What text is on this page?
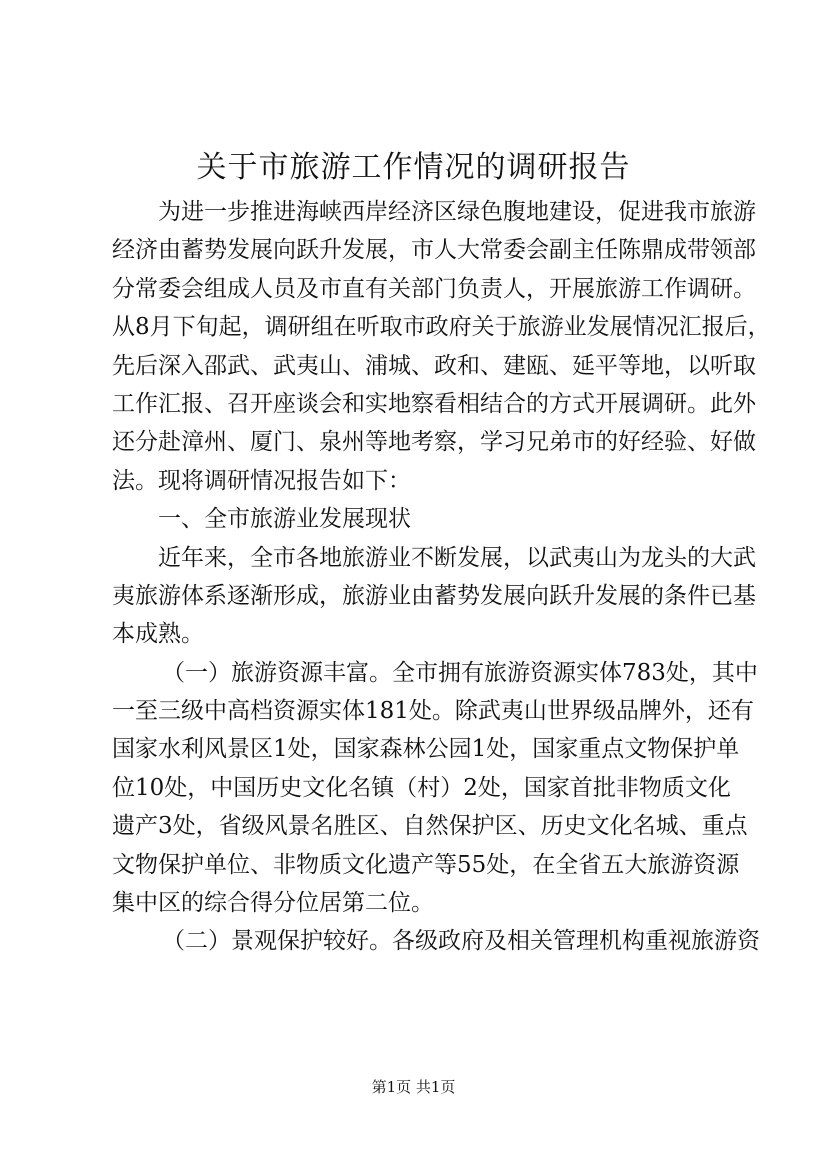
关于市旅游工作情况的调研报告
为进一步推进海峡西岸经济区绿色腹地建设，促进我市旅游
经济由蓄势发展向跃升发展，市人大常委会副主任陈鼎成带领部
分常委会组成人员及市直有关部门负责人，开展旅游工作调研。
从8月下旬起，调研组在听取市政府关于旅游业发展情况汇报后，
先后深入邵武、武夷山、浦城、政和、建瓯、延平等地，以听取
工作汇报、召开座谈会和实地察看相结合的方式开展调研。此外
还分赴漳州、厦门、泉州等地考察，学习兄弟市的好经验、好做
法。现将调研情况报告如下：
一、全市旅游业发展现状
近年来，全市各地旅游业不断发展，以武夷山为龙头的大武
夷旅游体系逐渐形成，旅游业由蓄势发展向跃升发展的条件已基
本成熟。
（一）旅游资源丰富。全市拥有旅游资源实体783处，其中
一至三级中高档资源实体181处。除武夷山世界级品牌外，还有
国家水利风景区1处，国家森林公园1处，国家重点文物保护单
位10处，中国历史文化名镇（村）2处，国家首批非物质文化
遗产3处，省级风景名胜区、自然保护区、历史文化名城、重点
文物保护单位、非物质文化遗产等55处，在全省五大旅游资源
集中区的综合得分位居第二位。
（二）景观保护较好。各级政府及相关管理机构重视旅游资
第1页 共1页
